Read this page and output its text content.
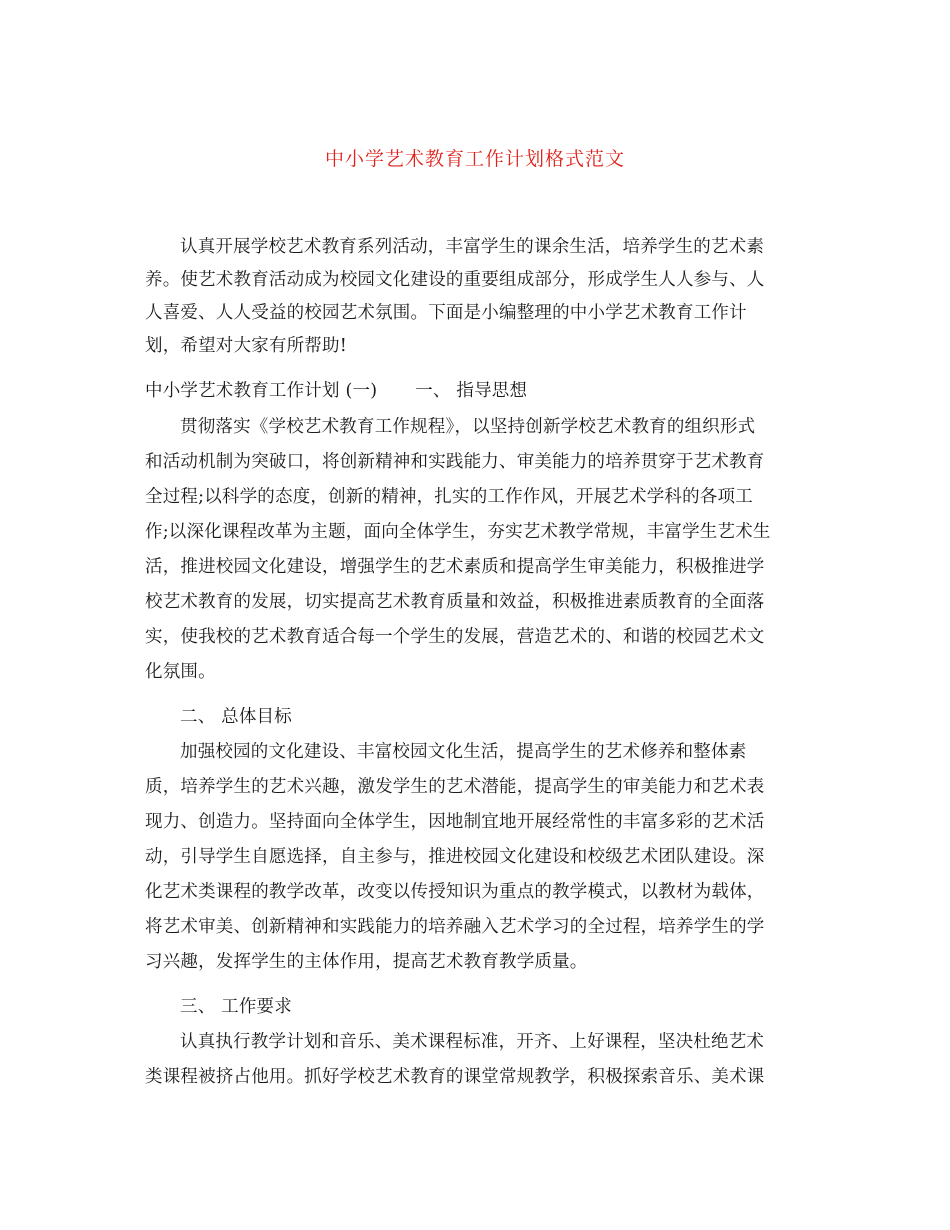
中小学艺术教育工作计划格式范文
认真开展学校艺术教育系列活动，丰富学生的课余生活，培养学生的艺术素
养。使艺术教育活动成为校园文化建设的重要组成部分，形成学生人人参与、人
人喜爱、人人受益的校园艺术氛围。下面是小编整理的中小学艺术教育工作计
划，希望对大家有所帮助!
中小学艺术教育工作计划 (一) 一、 指导思想
贯彻落实《学校艺术教育工作规程》，以坚持创新学校艺术教育的组织形式
和活动机制为突破口，将创新精神和实践能力、审美能力的培养贯穿于艺术教育
全过程;以科学的态度，创新的精神，扎实的工作作风，开展艺术学科的各项工
作;以深化课程改革为主题，面向全体学生，夯实艺术教学常规，丰富学生艺术生
活，推进校园文化建设，增强学生的艺术素质和提高学生审美能力，积极推进学
校艺术教育的发展，切实提高艺术教育质量和效益，积极推进素质教育的全面落
实，使我校的艺术教育适合每一个学生的发展，营造艺术的、和谐的校园艺术文
化氛围。
二、 总体目标
加强校园的文化建设、丰富校园文化生活，提高学生的艺术修养和整体素
质，培养学生的艺术兴趣，激发学生的艺术潜能，提高学生的审美能力和艺术表
现力、创造力。坚持面向全体学生，因地制宜地开展经常性的丰富多彩的艺术活
动，引导学生自愿选择，自主参与，推进校园文化建设和校级艺术团队建设。深
化艺术类课程的教学改革，改变以传授知识为重点的教学模式，以教材为载体，
将艺术审美、创新精神和实践能力的培养融入艺术学习的全过程，培养学生的学
习兴趣，发挥学生的主体作用，提高艺术教育教学质量。
三、 工作要求
认真执行教学计划和音乐、美术课程标准，开齐、上好课程，坚决杜绝艺术
类课程被挤占他用。抓好学校艺术教育的课堂常规教学，积极探索音乐、美术课
